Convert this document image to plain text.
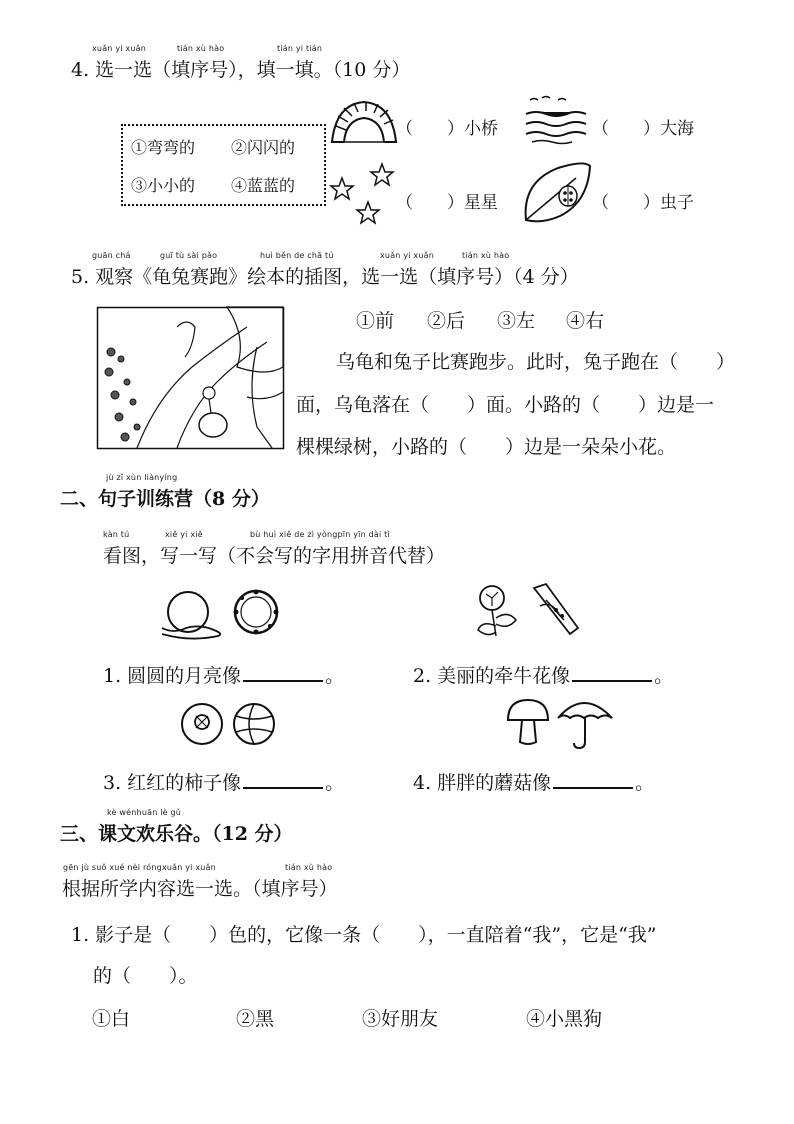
xuǎn yi xuǎn	tián xù hào	tián yi tián
4. 选一选（填序号），填一填。（10 分）
①弯弯的 ②闪闪的
③小小的 ④蓝蓝的
（　　）小桥	（　　）大海
（　　）星星	（　　）虫子
guān chá	guī tù sài pǎo	huì běn de chā tú	xuǎn yi xuǎn	tián xù hào
5. 观察《龟兔赛跑》绘本的插图，选一选（填序号）（4 分）
①前 ②后 ③左 ④右
乌龟和兔子比赛跑步。此时，兔子跑在（　　）
面，乌龟落在（　　）面。小路的（　　）边是一
棵棵绿树，小路的（　　）边是一朵朵小花。
jù zǐ xùn liànyíng
二、句子训练营（8 分）
kàn tú	xiě yi xiě	bù huì xiě de zì yòngpīn yīn dài tì
看图，写一写（不会写的字用拼音代替）
1. 圆圆的月亮像	。	2. 美丽的牵牛花像	。
3. 红红的柿子像	。	4. 胖胖的蘑菇像	。
kè wénhuān lè gǔ
三、课文欢乐谷。（12 分）
gēn jù suǒ xué nèi róngxuǎn yi xuǎn	tián xù hào
根据所学内容选一选。（填序号）
1. 影子是（　　）色的，它像一条（　　），一直陪着“我”，它是“我”
的（　　）。
①白	②黑	③好朋友	④小黑狗
